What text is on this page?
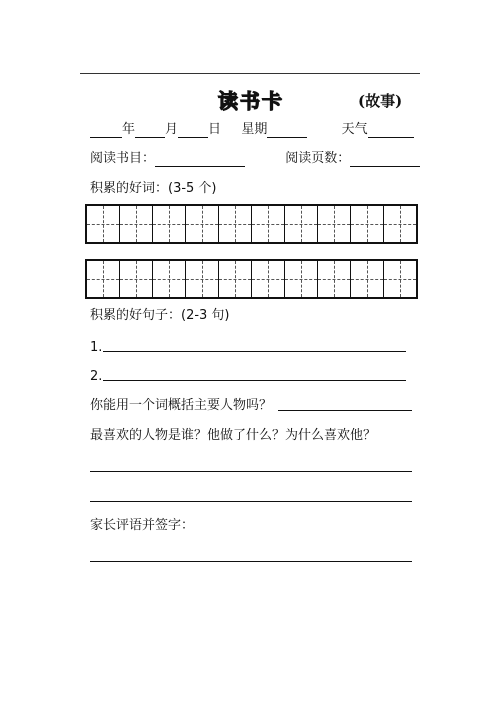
读书卡	(故事)
年 月 日 星期	天气
阅读书目：	阅读页数：
积累的好词：(3-5 个)
积累的好句子：(2-3 句)
1.
2.
你能用一个词概括主要人物吗？
最喜欢的人物是谁？他做了什么？为什么喜欢他？
家长评语并签字：
